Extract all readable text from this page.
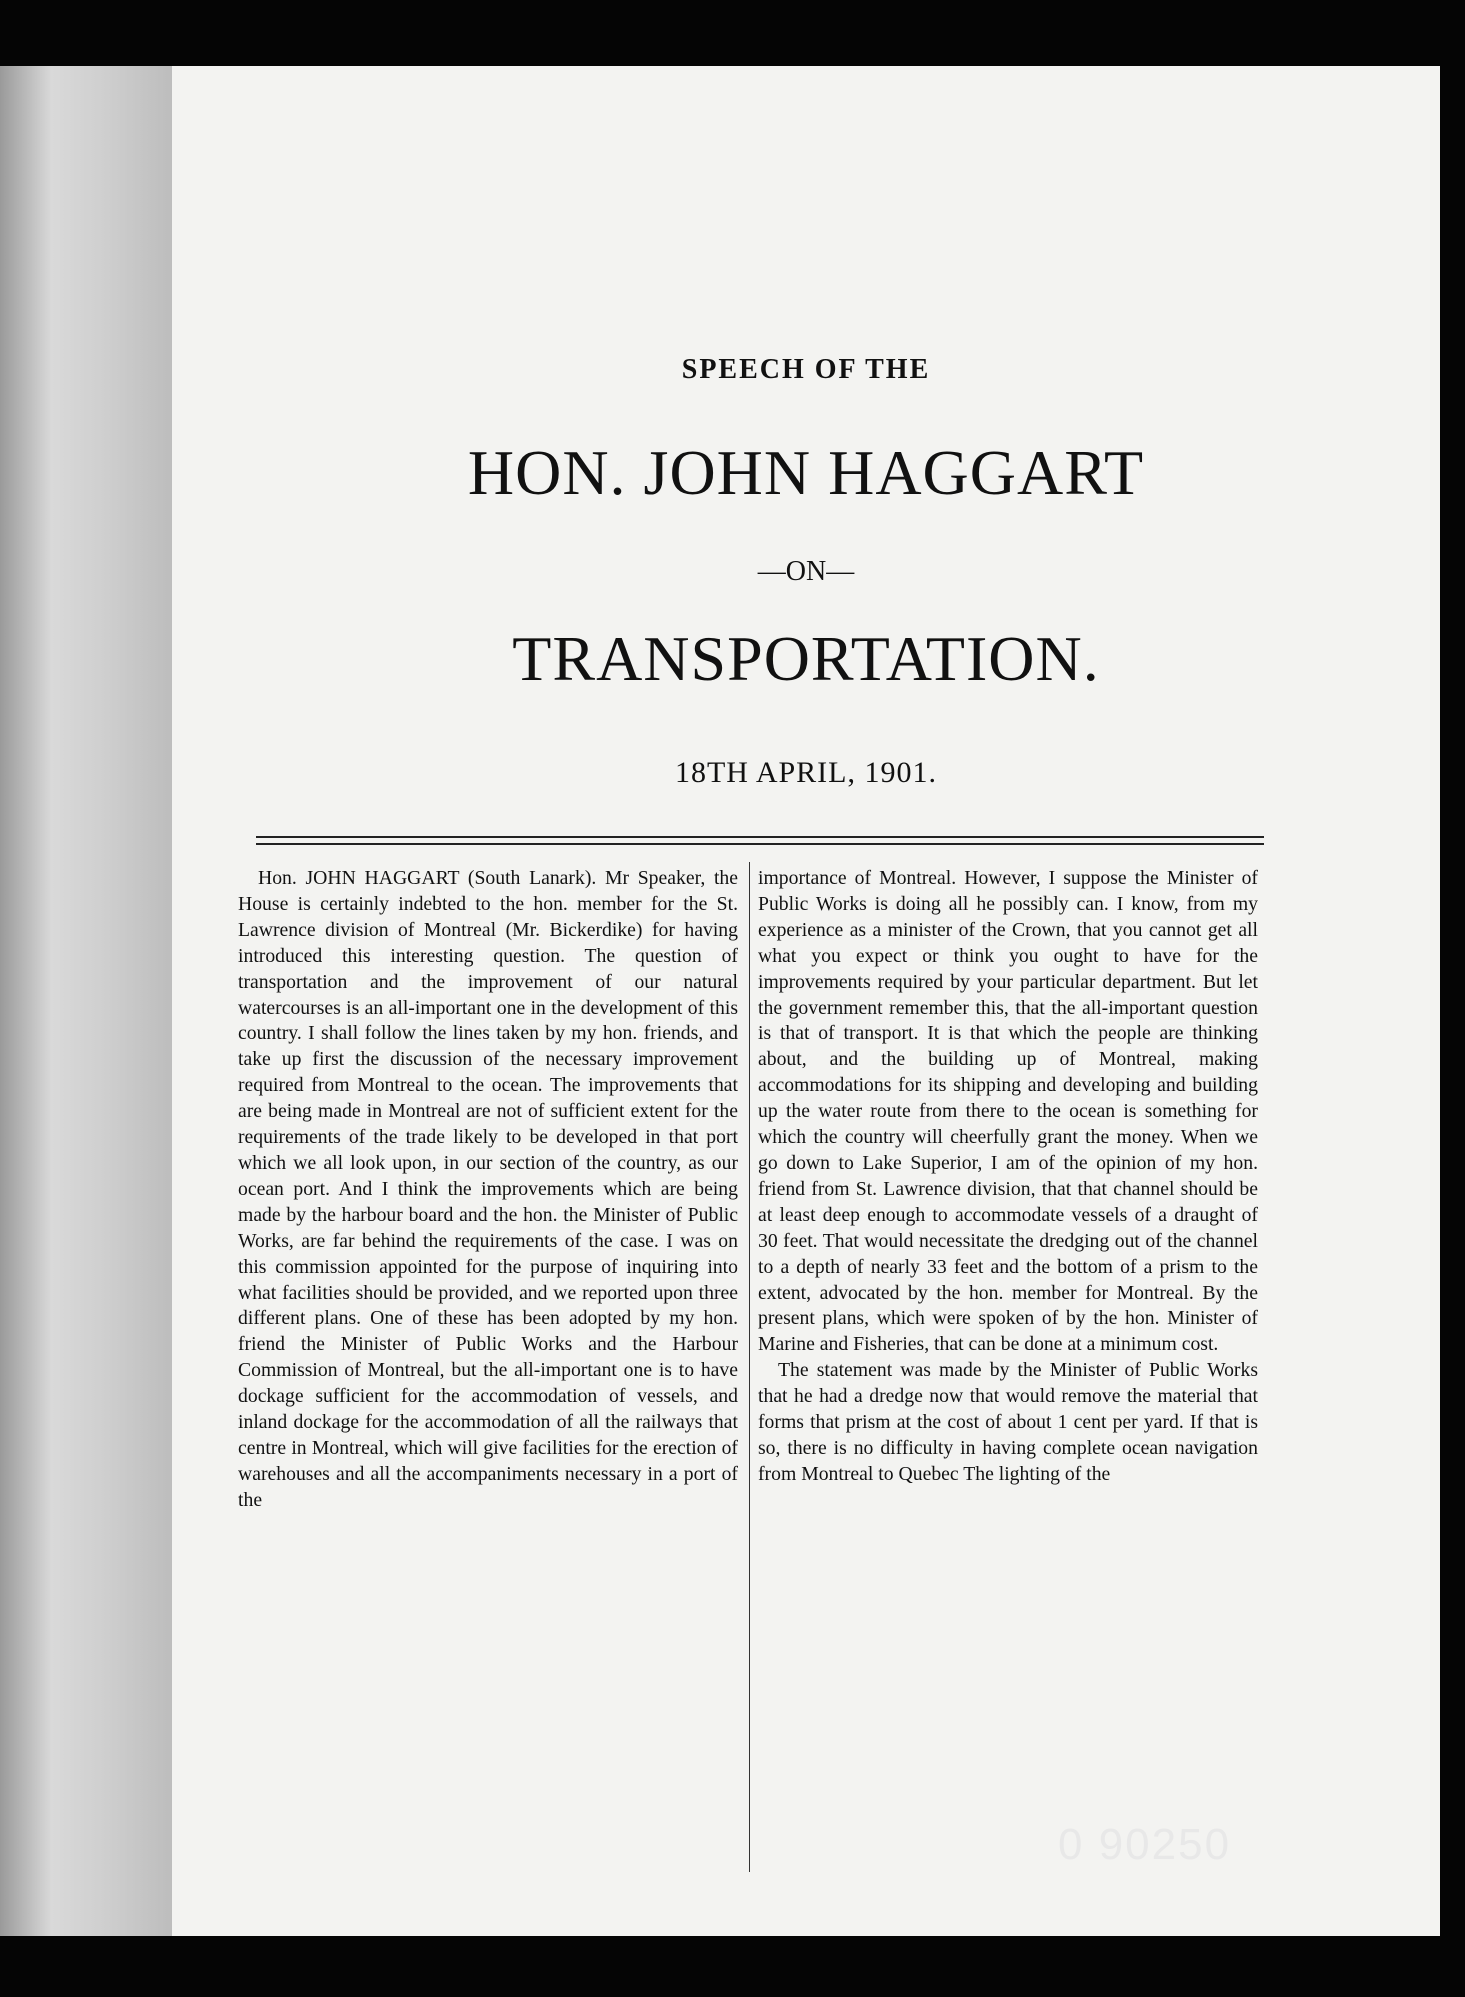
SPEECH OF THE
HON. JOHN HAGGART
—ON—
TRANSPORTATION.
18TH APRIL, 1901.

Hon. JOHN HAGGART (South Lanark). Mr Speaker, the House is certainly indebted to the hon. member for the St. Lawrence division of Montreal (Mr. Bickerdike) for having introduced this interesting question. The question of transportation and the improvement of our natural watercourses is an all-important one in the development of this country. I shall follow the lines taken by my hon. friends, and take up first the discussion of the necessary improvement required from Montreal to the ocean. The improvements that are being made in Montreal are not of sufficient extent for the requirements of the trade likely to be developed in that port which we all look upon, in our section of the country, as our ocean port. And I think the improvements which are being made by the harbour board and the hon. the Minister of Public Works, are far behind the requirements of the case. I was on this commission appointed for the purpose of inquiring into what facilities should be provided, and we reported upon three different plans. One of these has been adopted by my hon. friend the Minister of Public Works and the Harbour Commission of Montreal, but the all-important one is to have dockage sufficient for the accommodation of vessels, and inland dockage for the accommodation of all the railways that centre in Montreal, which will give facilities for the erection of warehouses and all the accompaniments necessary in a port of the

importance of Montreal. However, I suppose the Minister of Public Works is doing all he possibly can. I know, from my experience as a minister of the Crown, that you cannot get all what you expect or think you ought to have for the improvements required by your particular department. But let the government remember this, that the all-important question is that of transport. It is that which the people are thinking about, and the building up of Montreal, making accommodations for its shipping and developing and building up the water route from there to the ocean is something for which the country will cheerfully grant the money. When we go down to Lake Superior, I am of the opinion of my hon. friend from St. Lawrence division, that that channel should be at least deep enough to accommodate vessels of a draught of 30 feet. That would necessitate the dredging out of the channel to a depth of nearly 33 feet and the bottom of a prism to the extent, advocated by the hon. member for Montreal. By the present plans, which were spoken of by the hon. Minister of Marine and Fisheries, that can be done at a minimum cost.

The statement was made by the Minister of Public Works that he had a dredge now that would remove the material that forms that prism at the cost of about 1 cent per yard. If that is so, there is no difficulty in having complete ocean navigation from Montreal to Quebec The lighting of the

0 90250
